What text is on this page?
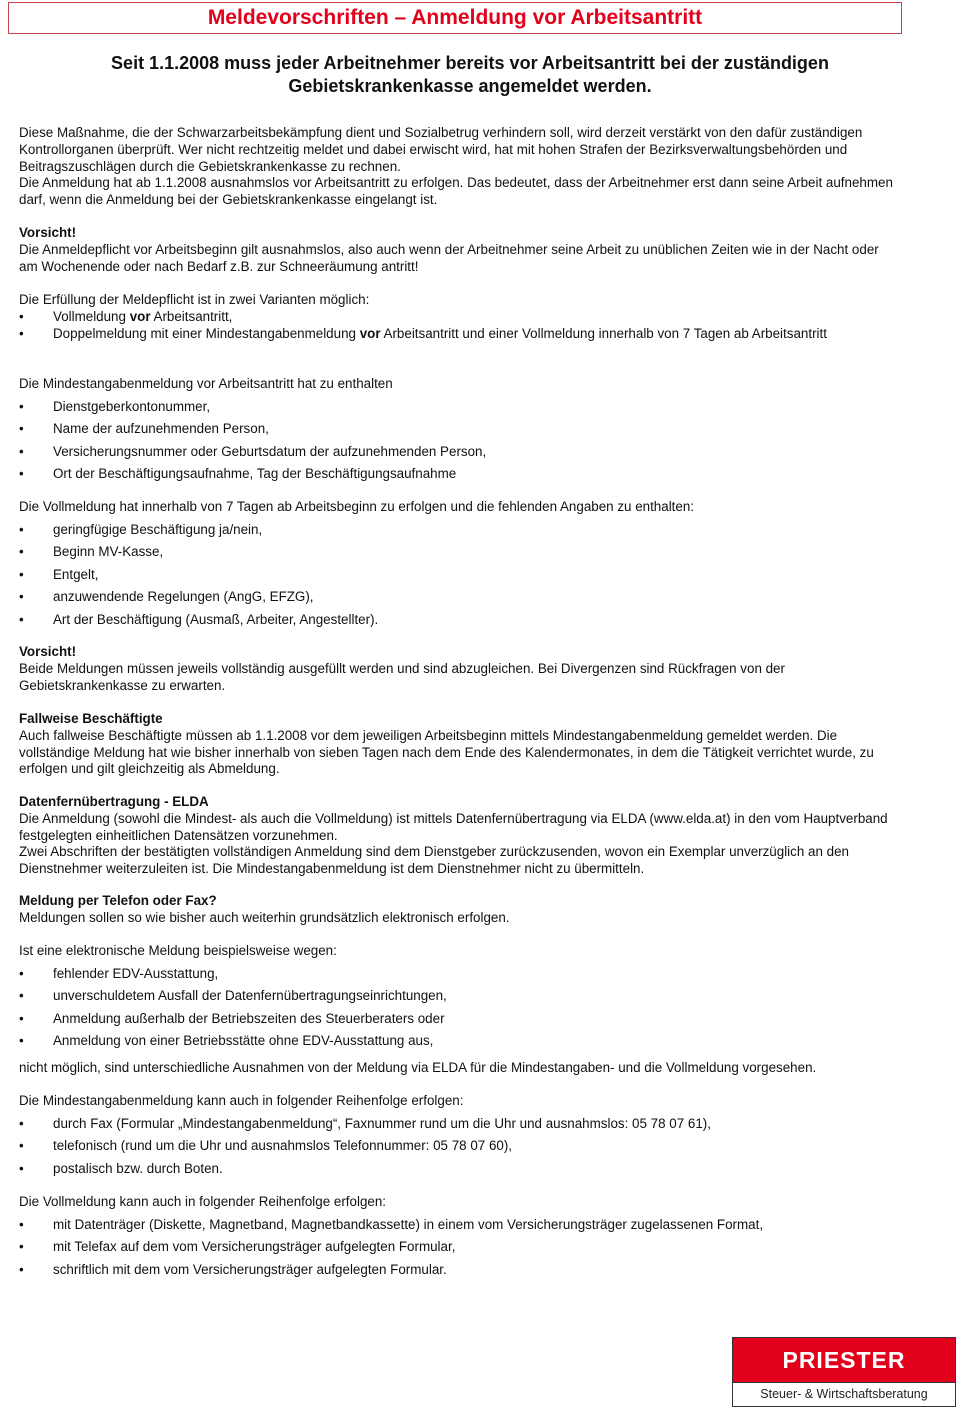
Meldevorschriften – Anmeldung vor Arbeitsantritt
Seit 1.1.2008 muss jeder Arbeitnehmer bereits vor Arbeitsantritt bei der zuständigen Gebietskrankenkasse angemeldet werden.
Diese Maßnahme, die der Schwarzarbeitsbekämpfung dient und Sozialbetrug verhindern soll, wird derzeit verstärkt von den dafür zuständigen Kontrollorganen überprüft. Wer nicht rechtzeitig meldet und dabei erwischt wird, hat mit hohen Strafen der Bezirksverwaltungsbehörden und Beitragszuschlägen durch die Gebietskrankenkasse zu rechnen.
Die Anmeldung hat ab 1.1.2008 ausnahmslos vor Arbeitsantritt zu erfolgen. Das bedeutet, dass der Arbeitnehmer erst dann seine Arbeit aufnehmen darf, wenn die Anmeldung bei der Gebietskrankenkasse eingelangt ist.
Vorsicht!
Die Anmeldepflicht vor Arbeitsbeginn gilt ausnahmslos, also auch wenn der Arbeitnehmer seine Arbeit zu unüblichen Zeiten wie in der Nacht oder am Wochenende oder nach Bedarf z.B. zur Schneeräumung antritt!
Die Erfüllung der Meldepflicht ist in zwei Varianten möglich:
• Vollmeldung vor Arbeitsantritt,
• Doppelmeldung mit einer Mindestangabenmeldung vor Arbeitsantritt und einer Vollmeldung innerhalb von 7 Tagen ab Arbeitsantritt
Die Mindestangabenmeldung vor Arbeitsantritt hat zu enthalten
• Dienstgeberkontonummer,
• Name der aufzunehmenden Person,
• Versicherungsnummer oder Geburtsdatum der aufzunehmenden Person,
• Ort der Beschäftigungsaufnahme, Tag der Beschäftigungsaufnahme
Die Vollmeldung hat innerhalb von 7 Tagen ab Arbeitsbeginn zu erfolgen und die fehlenden Angaben zu enthalten:
• geringfügige Beschäftigung ja/nein,
• Beginn MV-Kasse,
• Entgelt,
• anzuwendende Regelungen (AngG, EFZG),
• Art der Beschäftigung (Ausmaß, Arbeiter, Angestellter).
Vorsicht!
Beide Meldungen müssen jeweils vollständig ausgefüllt werden und sind abzugleichen. Bei Divergenzen sind Rückfragen von der Gebietskrankenkasse zu erwarten.
Fallweise Beschäftigte
Auch fallweise Beschäftigte müssen ab 1.1.2008 vor dem jeweiligen Arbeitsbeginn mittels Mindestangabenmeldung gemeldet werden. Die vollständige Meldung hat wie bisher innerhalb von sieben Tagen nach dem Ende des Kalendermonates, in dem die Tätigkeit verrichtet wurde, zu erfolgen und gilt gleichzeitig als Abmeldung.
Datenfernübertragung - ELDA
Die Anmeldung (sowohl die Mindest- als auch die Vollmeldung) ist mittels Datenfernübertragung via ELDA (www.elda.at) in den vom Hauptverband festgelegten einheitlichen Datensätzen vorzunehmen.
Zwei Abschriften der bestätigten vollständigen Anmeldung sind dem Dienstgeber zurückzusenden, wovon ein Exemplar unverzüglich an den Dienstnehmer weiterzuleiten ist. Die Mindestangabenmeldung ist dem Dienstnehmer nicht zu übermitteln.
Meldung per Telefon oder Fax?
Meldungen sollen so wie bisher auch weiterhin grundsätzlich elektronisch erfolgen.
Ist eine elektronische Meldung beispielsweise wegen:
• fehlender EDV-Ausstattung,
• unverschuldetem Ausfall der Datenfernübertragungseinrichtungen,
• Anmeldung außerhalb der Betriebszeiten des Steuerberaters oder
• Anmeldung von einer Betriebsstätte ohne EDV-Ausstattung aus,
nicht möglich, sind unterschiedliche Ausnahmen von der Meldung via ELDA für die Mindestangaben- und die Vollmeldung vorgesehen.
Die Mindestangabenmeldung kann auch in folgender Reihenfolge erfolgen:
• durch Fax (Formular „Mindestangabenmeldung“, Faxnummer rund um die Uhr und ausnahmslos: 05 78 07 61),
• telefonisch (rund um die Uhr und ausnahmslos Telefonnummer: 05 78 07 60),
• postalisch bzw. durch Boten.
Die Vollmeldung kann auch in folgender Reihenfolge erfolgen:
• mit Datenträger (Diskette, Magnetband, Magnetbandkassette) in einem vom Versicherungsträger zugelassenen Format,
• mit Telefax auf dem vom Versicherungsträger aufgelegten Formular,
• schriftlich mit dem vom Versicherungsträger aufgelegten Formular.
PRIESTER
Steuer- & Wirtschaftsberatung
